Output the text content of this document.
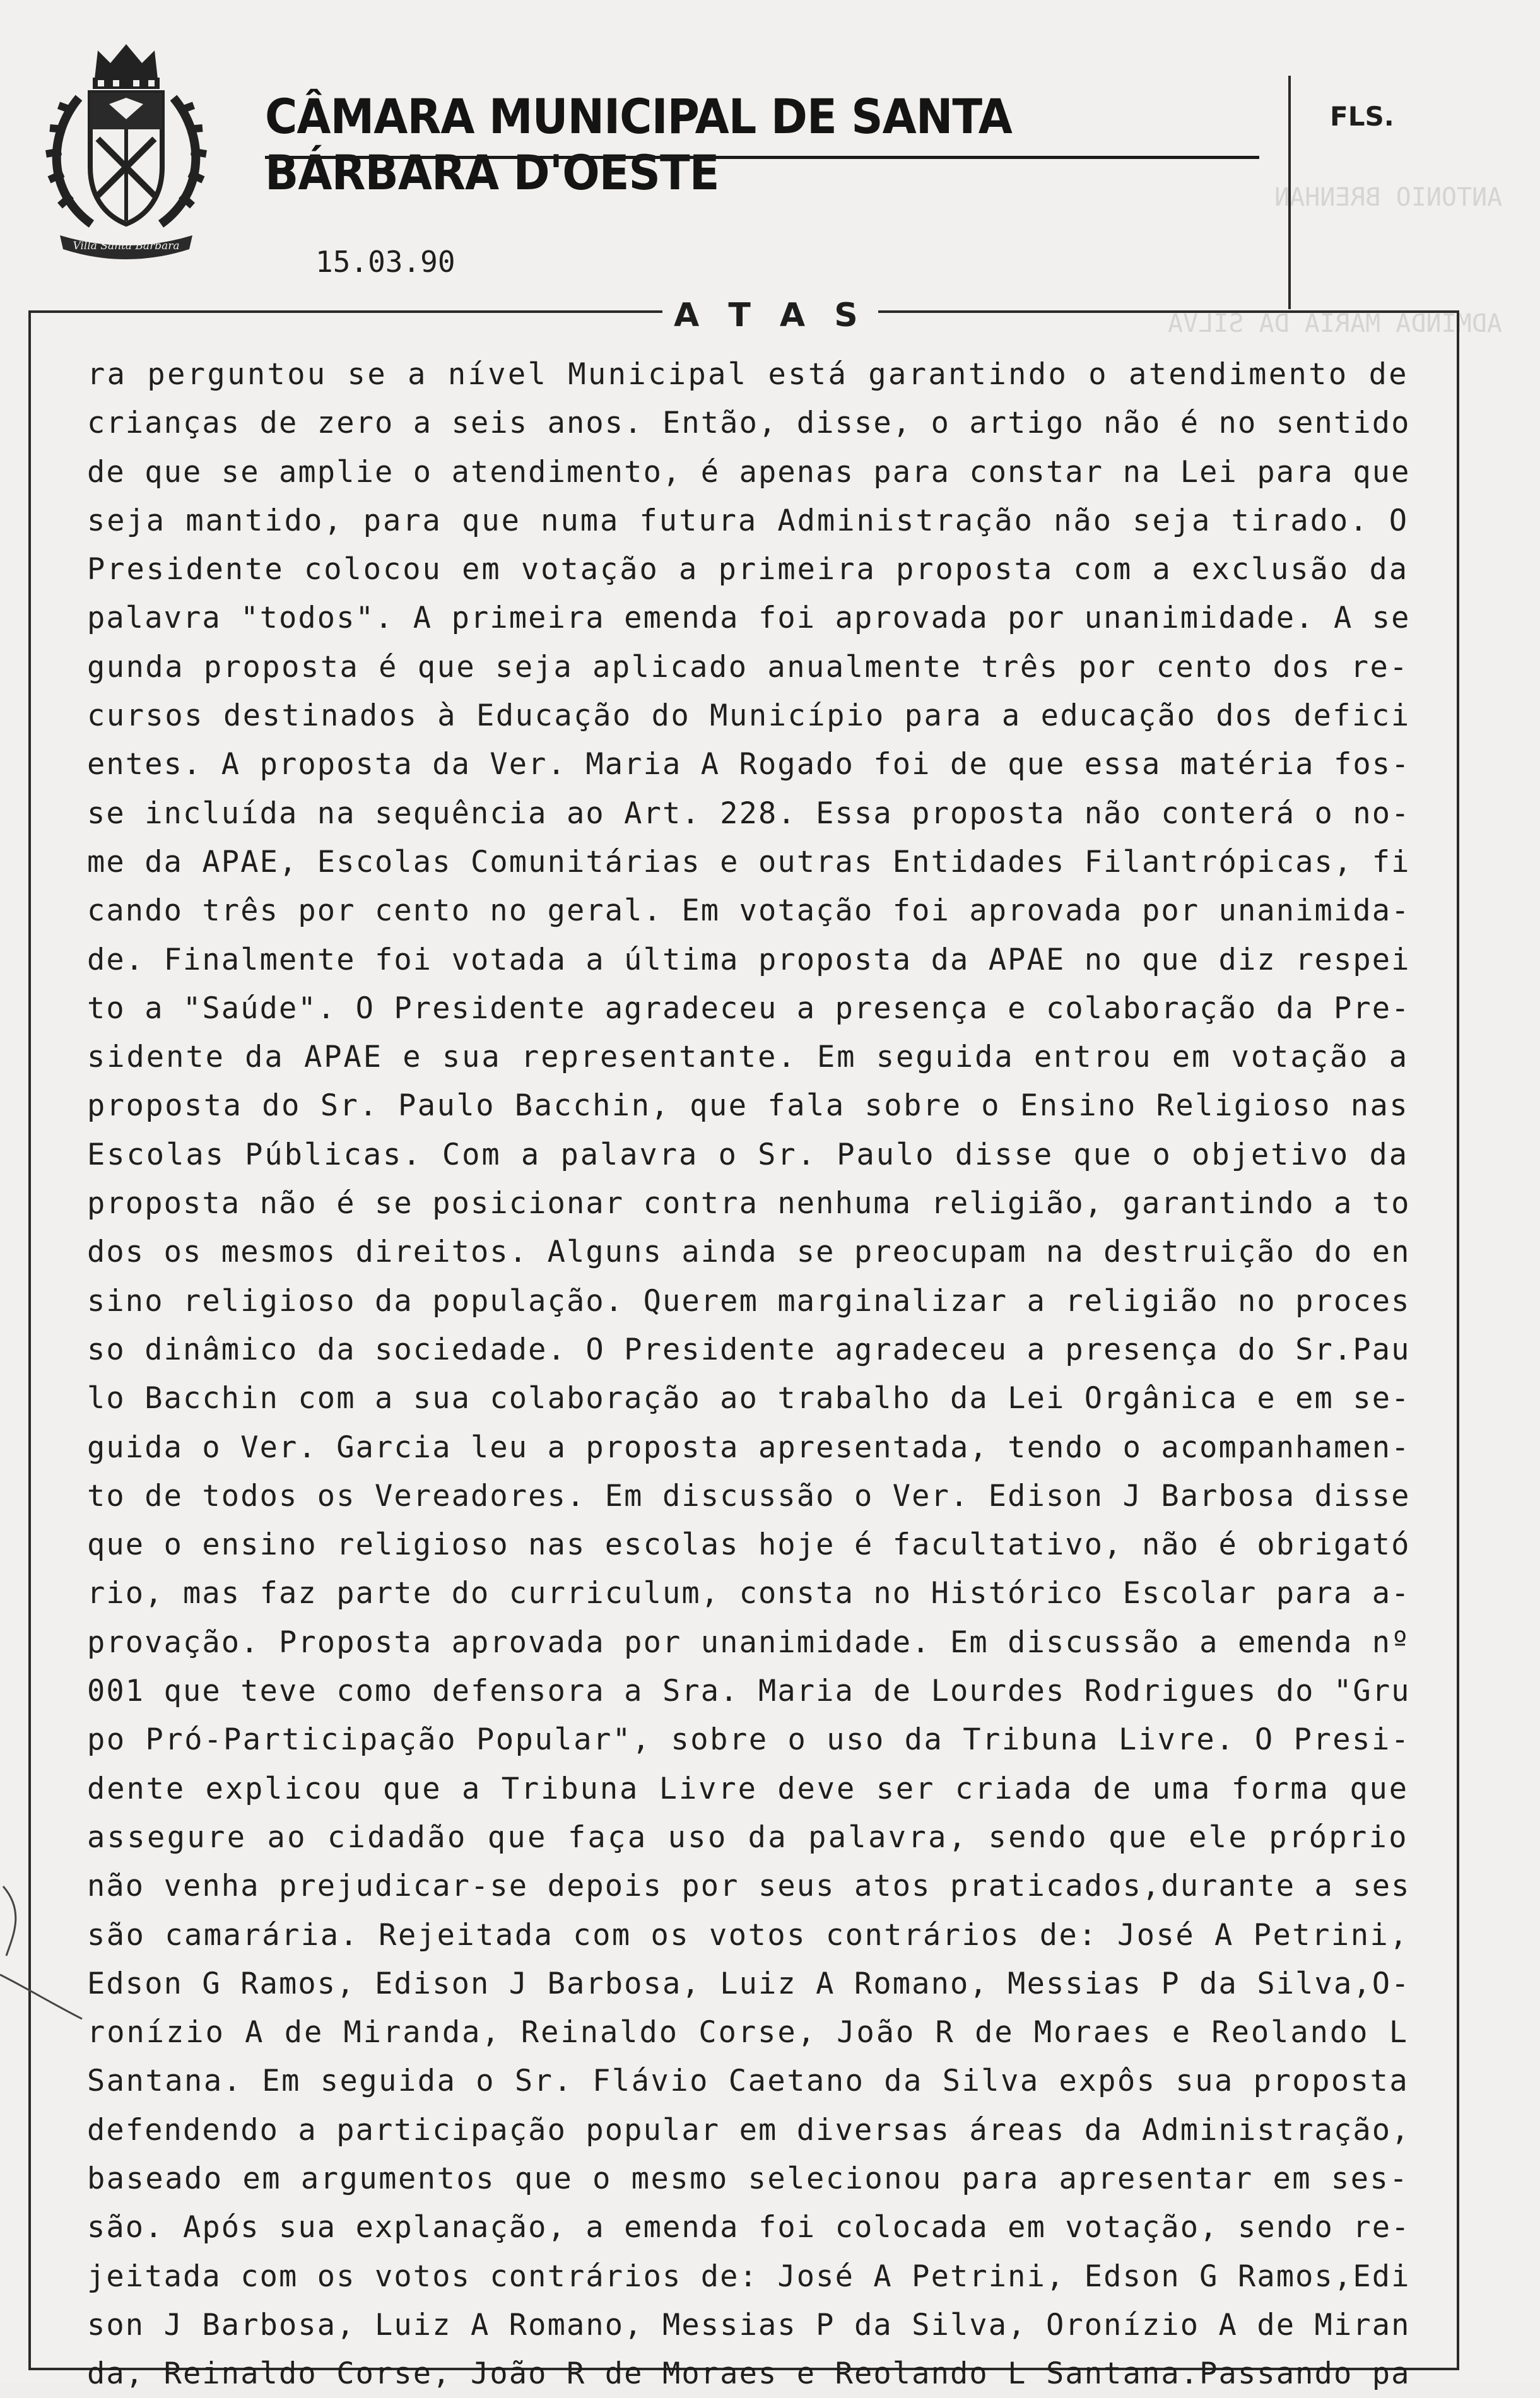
ANTONIO BRENHAN
ADMINDA MARIA DA SILVA
Villa Santa Barbara
CÂMARA MUNICIPAL DE SANTA BÁRBARA D'OESTE
FLS.
15.03.90
A T A S
ra perguntou se a nível Municipal está garantindo o atendimento de
crianças de zero a seis anos. Então, disse, o artigo não é no sentido
de que se amplie o atendimento, é apenas para constar na Lei para que
seja mantido, para que numa futura Administração não seja tirado. O
Presidente colocou em votação a primeira proposta com a exclusão da
palavra "todos". A primeira emenda foi aprovada por unanimidade. A se
gunda proposta é que seja aplicado anualmente três por cento dos re-
cursos destinados à Educação do Município para a educação dos defici
entes. A proposta da Ver. Maria A Rogado foi de que essa matéria fos-
se incluída na sequência ao Art. 228. Essa proposta não conterá o no-
me da APAE, Escolas Comunitárias e outras Entidades Filantrópicas, fi
cando três por cento no geral. Em votação foi aprovada por unanimida-
de. Finalmente foi votada a última proposta da APAE no que diz respei
to a "Saúde". O Presidente agradeceu a presença e colaboração da Pre-
sidente da APAE e sua representante. Em seguida entrou em votação a
proposta do Sr. Paulo Bacchin, que fala sobre o Ensino Religioso nas
Escolas Públicas. Com a palavra o Sr. Paulo disse que o objetivo da
proposta não é se posicionar contra nenhuma religião, garantindo a to
dos os mesmos direitos. Alguns ainda se preocupam na destruição do en
sino religioso da população. Querem marginalizar a religião no proces
so dinâmico da sociedade. O Presidente agradeceu a presença do Sr.Pau
lo Bacchin com a sua colaboração ao trabalho da Lei Orgânica e em se-
guida o Ver. Garcia leu a proposta apresentada, tendo o acompanhamen-
to de todos os Vereadores. Em discussão o Ver. Edison J Barbosa disse
que o ensino religioso nas escolas hoje é facultativo, não é obrigató
rio, mas faz parte do curriculum, consta no Histórico Escolar para a-
provação. Proposta aprovada por unanimidade. Em discussão a emenda nº
001 que teve como defensora a Sra. Maria de Lourdes Rodrigues do "Gru
po Pró-Participação Popular", sobre o uso da Tribuna Livre. O Presi-
dente explicou que a Tribuna Livre deve ser criada de uma forma que
assegure ao cidadão que faça uso da palavra, sendo que ele próprio
não venha prejudicar-se depois por seus atos praticados,durante a ses
são camarária. Rejeitada com os votos contrários de: José A Petrini,
Edson G Ramos, Edison J Barbosa, Luiz A Romano, Messias P da Silva,O-
ronízio A de Miranda, Reinaldo Corse, João R de Moraes e Reolando L
Santana. Em seguida o Sr. Flávio Caetano da Silva expôs sua proposta
defendendo a participação popular em diversas áreas da Administração,
baseado em argumentos que o mesmo selecionou para apresentar em ses-
são. Após sua explanação, a emenda foi colocada em votação, sendo re-
jeitada com os votos contrários de: José A Petrini, Edson G Ramos,Edi
son J Barbosa, Luiz A Romano, Messias P da Silva, Oronízio A de Miran
da, Reinaldo Corse, João R de Moraes e Reolando L Santana.Passando pa
